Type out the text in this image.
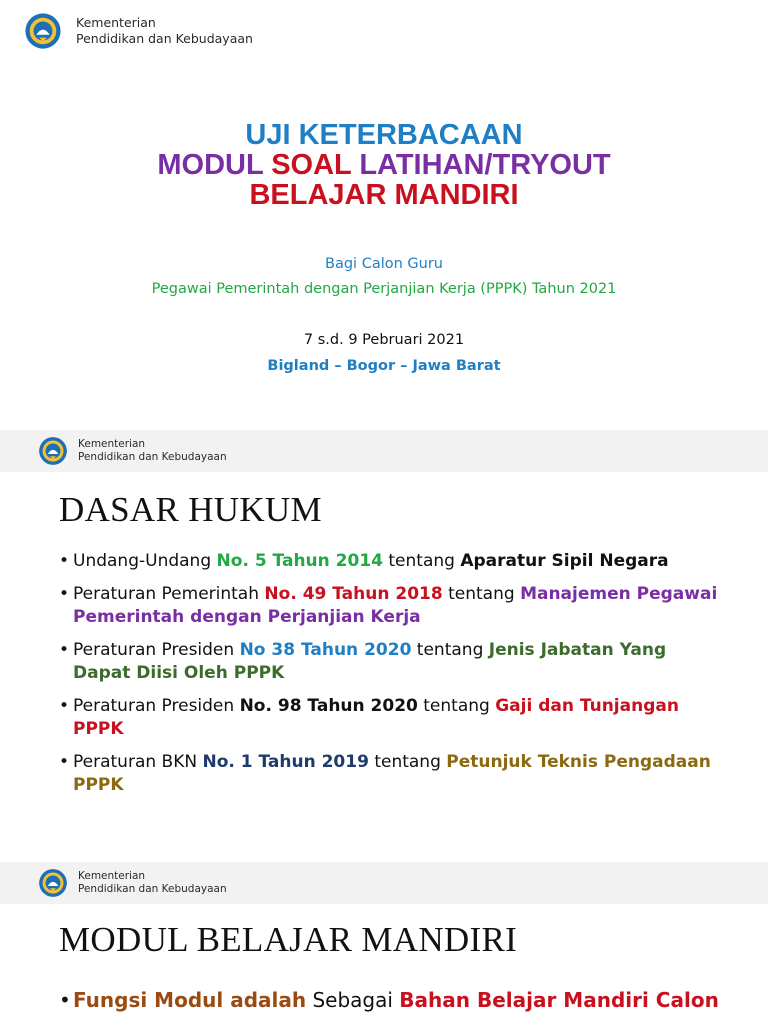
Kementerian
Pendidikan dan Kebudayaan
UJI KETERBACAAN
MODUL SOAL LATIHAN/TRYOUT
BELAJAR MANDIRI
Bagi Calon Guru
Pegawai Pemerintah dengan Perjanjian Kerja (PPPK) Tahun 2021
7 s.d. 9 Pebruari 2021
Bigland – Bogor – Jawa Barat
Kementerian
Pendidikan dan Kebudayaan
DASAR HUKUM
• Undang-Undang No. 5 Tahun 2014 tentang Aparatur Sipil Negara
• Peraturan Pemerintah No. 49 Tahun 2018 tentang Manajemen Pegawai Pemerintah dengan Perjanjian Kerja
• Peraturan Presiden No 38 Tahun 2020 tentang Jenis Jabatan Yang Dapat Diisi Oleh PPPK
• Peraturan Presiden No. 98 Tahun 2020 tentang Gaji dan Tunjangan PPPK
• Peraturan BKN No. 1 Tahun 2019 tentang Petunjuk Teknis Pengadaan PPPK
Kementerian
Pendidikan dan Kebudayaan
MODUL BELAJAR MANDIRI
• Fungsi Modul adalah Sebagai Bahan Belajar Mandiri Calon
